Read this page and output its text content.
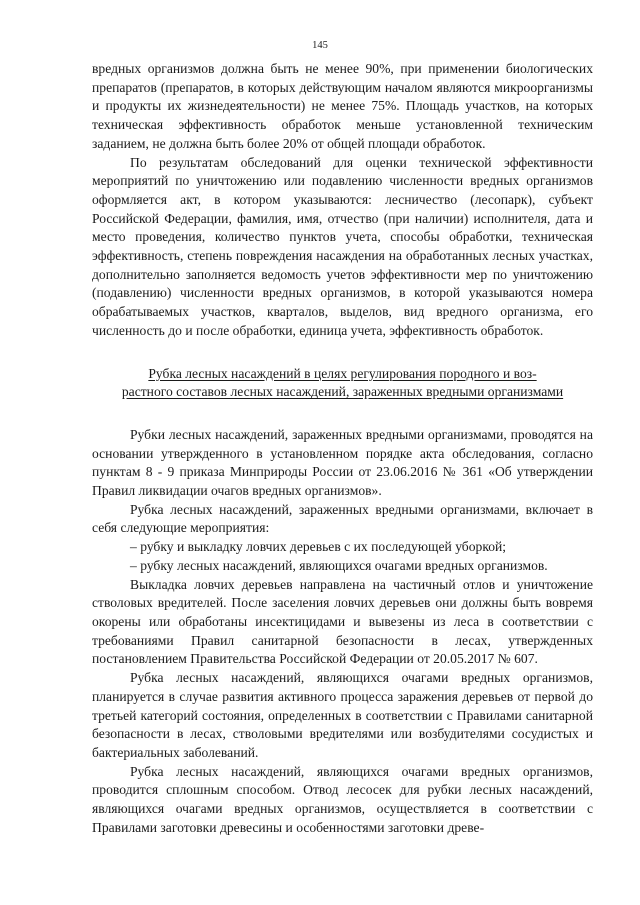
145

вредных организмов должна быть не менее 90%, при применении биологических препаратов (препаратов, в которых действующим началом являются микроорганизмы и продукты их жизнедеятельности) не менее 75%. Площадь участков, на которых техническая эффективность обработок меньше установленной техническим заданием, не должна быть более 20% от общей площади обработок.

По результатам обследований для оценки технической эффективности мероприятий по уничтожению или подавлению численности вредных организмов оформляется акт, в котором указываются: лесничество (лесопарк), субъект Российской Федерации, фамилия, имя, отчество (при наличии) исполнителя, дата и место проведения, количество пунктов учета, способы обработки, техническая эффективность, степень повреждения насаждения на обработанных лесных участках, дополнительно заполняется ведомость учетов эффективности мер по уничтожению (подавлению) численности вредных организмов, в которой указываются номера обрабатываемых участков, кварталов, выделов, вид вредного организма, его численность до и после обработки, единица учета, эффективность обработок.

Рубка лесных насаждений в целях регулирования породного и воз-
растного составов лесных насаждений, зараженных вредными организмами

Рубки лесных насаждений, зараженных вредными организмами, проводятся на основании утвержденного в установленном порядке акта обследования, согласно пунктам 8 - 9 приказа Минприроды России от 23.06.2016 № 361 «Об утверждении Правил ликвидации очагов вредных организмов».

Рубка лесных насаждений, зараженных вредными организмами, включает в себя следующие мероприятия:

– рубку и выкладку ловчих деревьев с их последующей уборкой;

– рубку лесных насаждений, являющихся очагами вредных организмов.

Выкладка ловчих деревьев направлена на частичный отлов и уничтожение стволовых вредителей. После заселения ловчих деревьев они должны быть вовремя окорены или обработаны инсектицидами и вывезены из леса в соответствии с требованиями Правил санитарной безопасности в лесах, утвержденных постановлением Правительства Российской Федерации от 20.05.2017 № 607.

Рубка лесных насаждений, являющихся очагами вредных организмов, планируется в случае развития активного процесса заражения деревьев от первой до третьей категорий состояния, определенных в соответствии с Правилами санитарной безопасности в лесах, стволовыми вредителями или возбудителями сосудистых и бактериальных заболеваний.

Рубка лесных насаждений, являющихся очагами вредных организмов, проводится сплошным способом. Отвод лесосек для рубки лесных насаждений, являющихся очагами вредных организмов, осуществляется в соответствии с Правилами заготовки древесины и особенностями заготовки древе-
